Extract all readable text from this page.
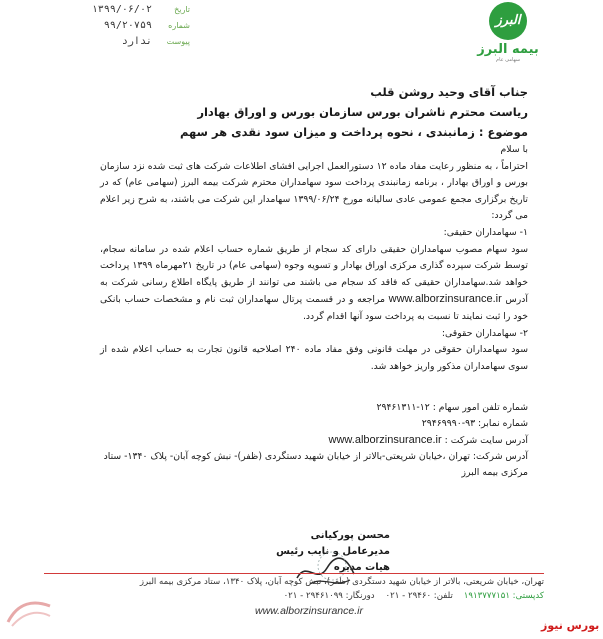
۱۳۹۹/۰۶/۰۲	تاریخ
۹۹/۲۰۷۵۹ شماره
ندارد پیوست
البرز
بیمه البرز
سهامی عام
جناب آقای وحید روشن قلب
ریاست محترم ناشران بورس سازمان بورس و اوراق بهادار
موضوع : زمانبندی ، نحوه پرداخت و میزان سود نقدی هر سهم
با سلام
احتراماً ، به منظور رعایت مفاد ماده ۱۲ دستورالعمل اجرایی افشای اطلاعات شرکت های ثبت شده نزد سازمان بورس و اوراق بهادار ، برنامه زمانبندی پرداخت سود سهامداران محترم شرکت بیمه البرز (سهامی عام) که در تاریخ برگزاری مجمع عمومی عادی سالیانه مورخ ۱۳۹۹/۰۶/۲۴ سهامدار این شرکت می باشند، به شرح زیر اعلام می گردد:
۱- سهامداران حقیقی:
سود سهام مصوب سهامداران حقیقی دارای کد سجام از طریق شماره حساب اعلام شده در سامانه سجام، توسط شرکت سپرده گذاری مرکزی اوراق بهادار و تسویه وجوه (سهامی عام) در تاریخ ۲۱مهرماه ۱۳۹۹ پرداخت خواهد شد.سهامداران حقیقی که فاقد کد سجام می باشند می توانند از طریق پایگاه اطلاع رسانی شرکت به آدرس www.alborzinsurance.ir مراجعه و در قسمت پرتال سهامداران ثبت نام و مشخصات حساب بانکی خود را ثبت نمایند تا نسبت به پرداخت سود آنها اقدام گردد.
۲- سهامداران حقوقی:
سود سهامداران حقوقی در مهلت قانونی وفق مفاد ماده ۲۴۰ اصلاحیه قانون تجارت به حساب اعلام شده از سوی سهامداران مذکور واریز خواهد شد.
شماره تلفن امور سهام : ۱۲-۲۹۴۶۱۳۱۱
شماره نمابر: ۹۳-۲۹۴۶۹۹۹۰
آدرس سایت شرکت : www.alborzinsurance.ir
آدرس شرکت: تهران ،خیابان شریعتی-بالاتر از خیابان شهید دستگردی (ظفر)- نبش کوچه آبان- پلاک ۱۳۴۰- ستاد مرکزی بیمه البرز
محسن پورکیانی
مدیرعامل و نایب رئیس هیات مدیره
تهران، خیابان شریعتی، بالاتر از خیابان شهید دستگردی (ظفر)، نبش کوچه آبان، پلاک ۱۳۴۰، ستاد مرکزی بیمه البرز
کدپستی: ۱۹۱۳۷۷۷۱۵۱    تلفن: ۲۹۴۶۰ - ۰۲۱    دورنگار: ۲۹۴۶۱۰۹۹ - ۰۲۱
www.alborzinsurance.ir
بورس نیوز
